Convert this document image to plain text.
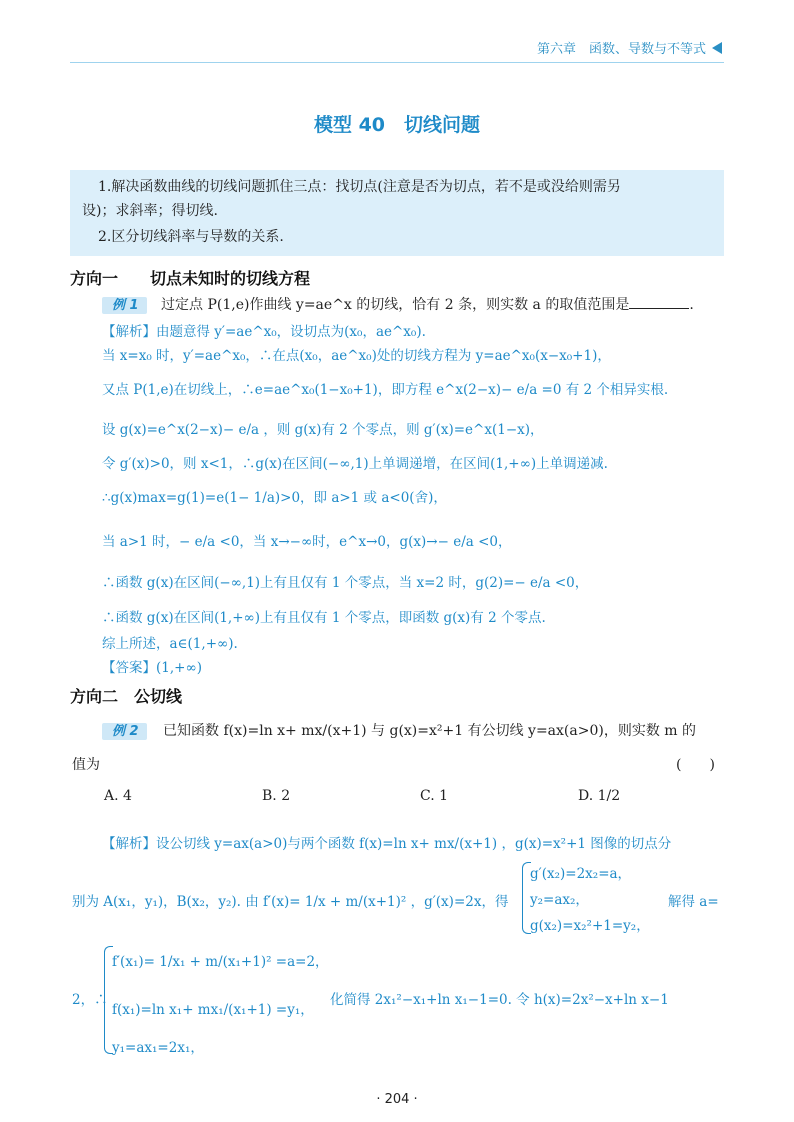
第六章　函数、导数与不等式
模型 40　切线问题

1.解决函数曲线的切线问题抓住三点：找切点(注意是否为切点，若不是或没给则需另

设)；求斜率；得切线.

2.区分切线斜率与导数的关系.

方向一　　切点未知时的切线方程
例 1 过定点 P(1,e)作曲线 y=ae^x 的切线，恰有 2 条，则实数 a 的取值范围是	.
【解析】由题意得 y′=ae^x₀，设切点为(x₀，ae^x₀).
当 x=x₀ 时，y′=ae^x₀，∴在点(x₀，ae^x₀)处的切线方程为 y=ae^x₀(x−x₀+1)，
又点 P(1,e)在切线上，∴e=ae^x₀(1−x₀+1)，即方程 e^x(2−x)− e/a =0 有 2 个相异实根.
设 g(x)=e^x(2−x)− e/a ，则 g(x)有 2 个零点，则 g′(x)=e^x(1−x)，
令 g′(x)>0，则 x<1，∴g(x)在区间(−∞,1)上单调递增，在区间(1,+∞)上单调递减.
∴g(x)max=g(1)=e(1− 1/a)>0，即 a>1 或 a<0(舍)，
当 a>1 时，− e/a <0，当 x→−∞时，e^x→0，g(x)→− e/a <0，
∴函数 g(x)在区间(−∞,1)上有且仅有 1 个零点，当 x=2 时，g(2)=− e/a <0，
∴函数 g(x)在区间(1,+∞)上有且仅有 1 个零点，即函数 g(x)有 2 个零点.
综上所述，a∈(1,+∞).
【答案】(1,+∞)
方向二　公切线
例 2 已知函数 f(x)=ln x+ mx/(x+1) 与 g(x)=x²+1 有公切线 y=ax(a>0)，则实数 m 的
值为	(　　)
A. 4	B. 2	C. 1	D. 1/2
【解析】设公切线 y=ax(a>0)与两个函数 f(x)=ln x+ mx/(x+1) ，g(x)=x²+1 图像的切点分
别为 A(x₁，y₁)，B(x₂，y₂). 由 f′(x)= 1/x + m/(x+1)² ，g′(x)=2x，得
g′(x₂)=2x₂=a，
y₂=ax₂，
g(x₂)=x₂²+1=y₂，
解得 a=
2，∴
f′(x₁)= 1/x₁ + m/(x₁+1)² =a=2，
f(x₁)=ln x₁+ mx₁/(x₁+1) =y₁，
y₁=ax₁=2x₁，
化简得 2x₁²−x₁+ln x₁−1=0. 令 h(x)=2x²−x+ln x−1
· 204 ·
